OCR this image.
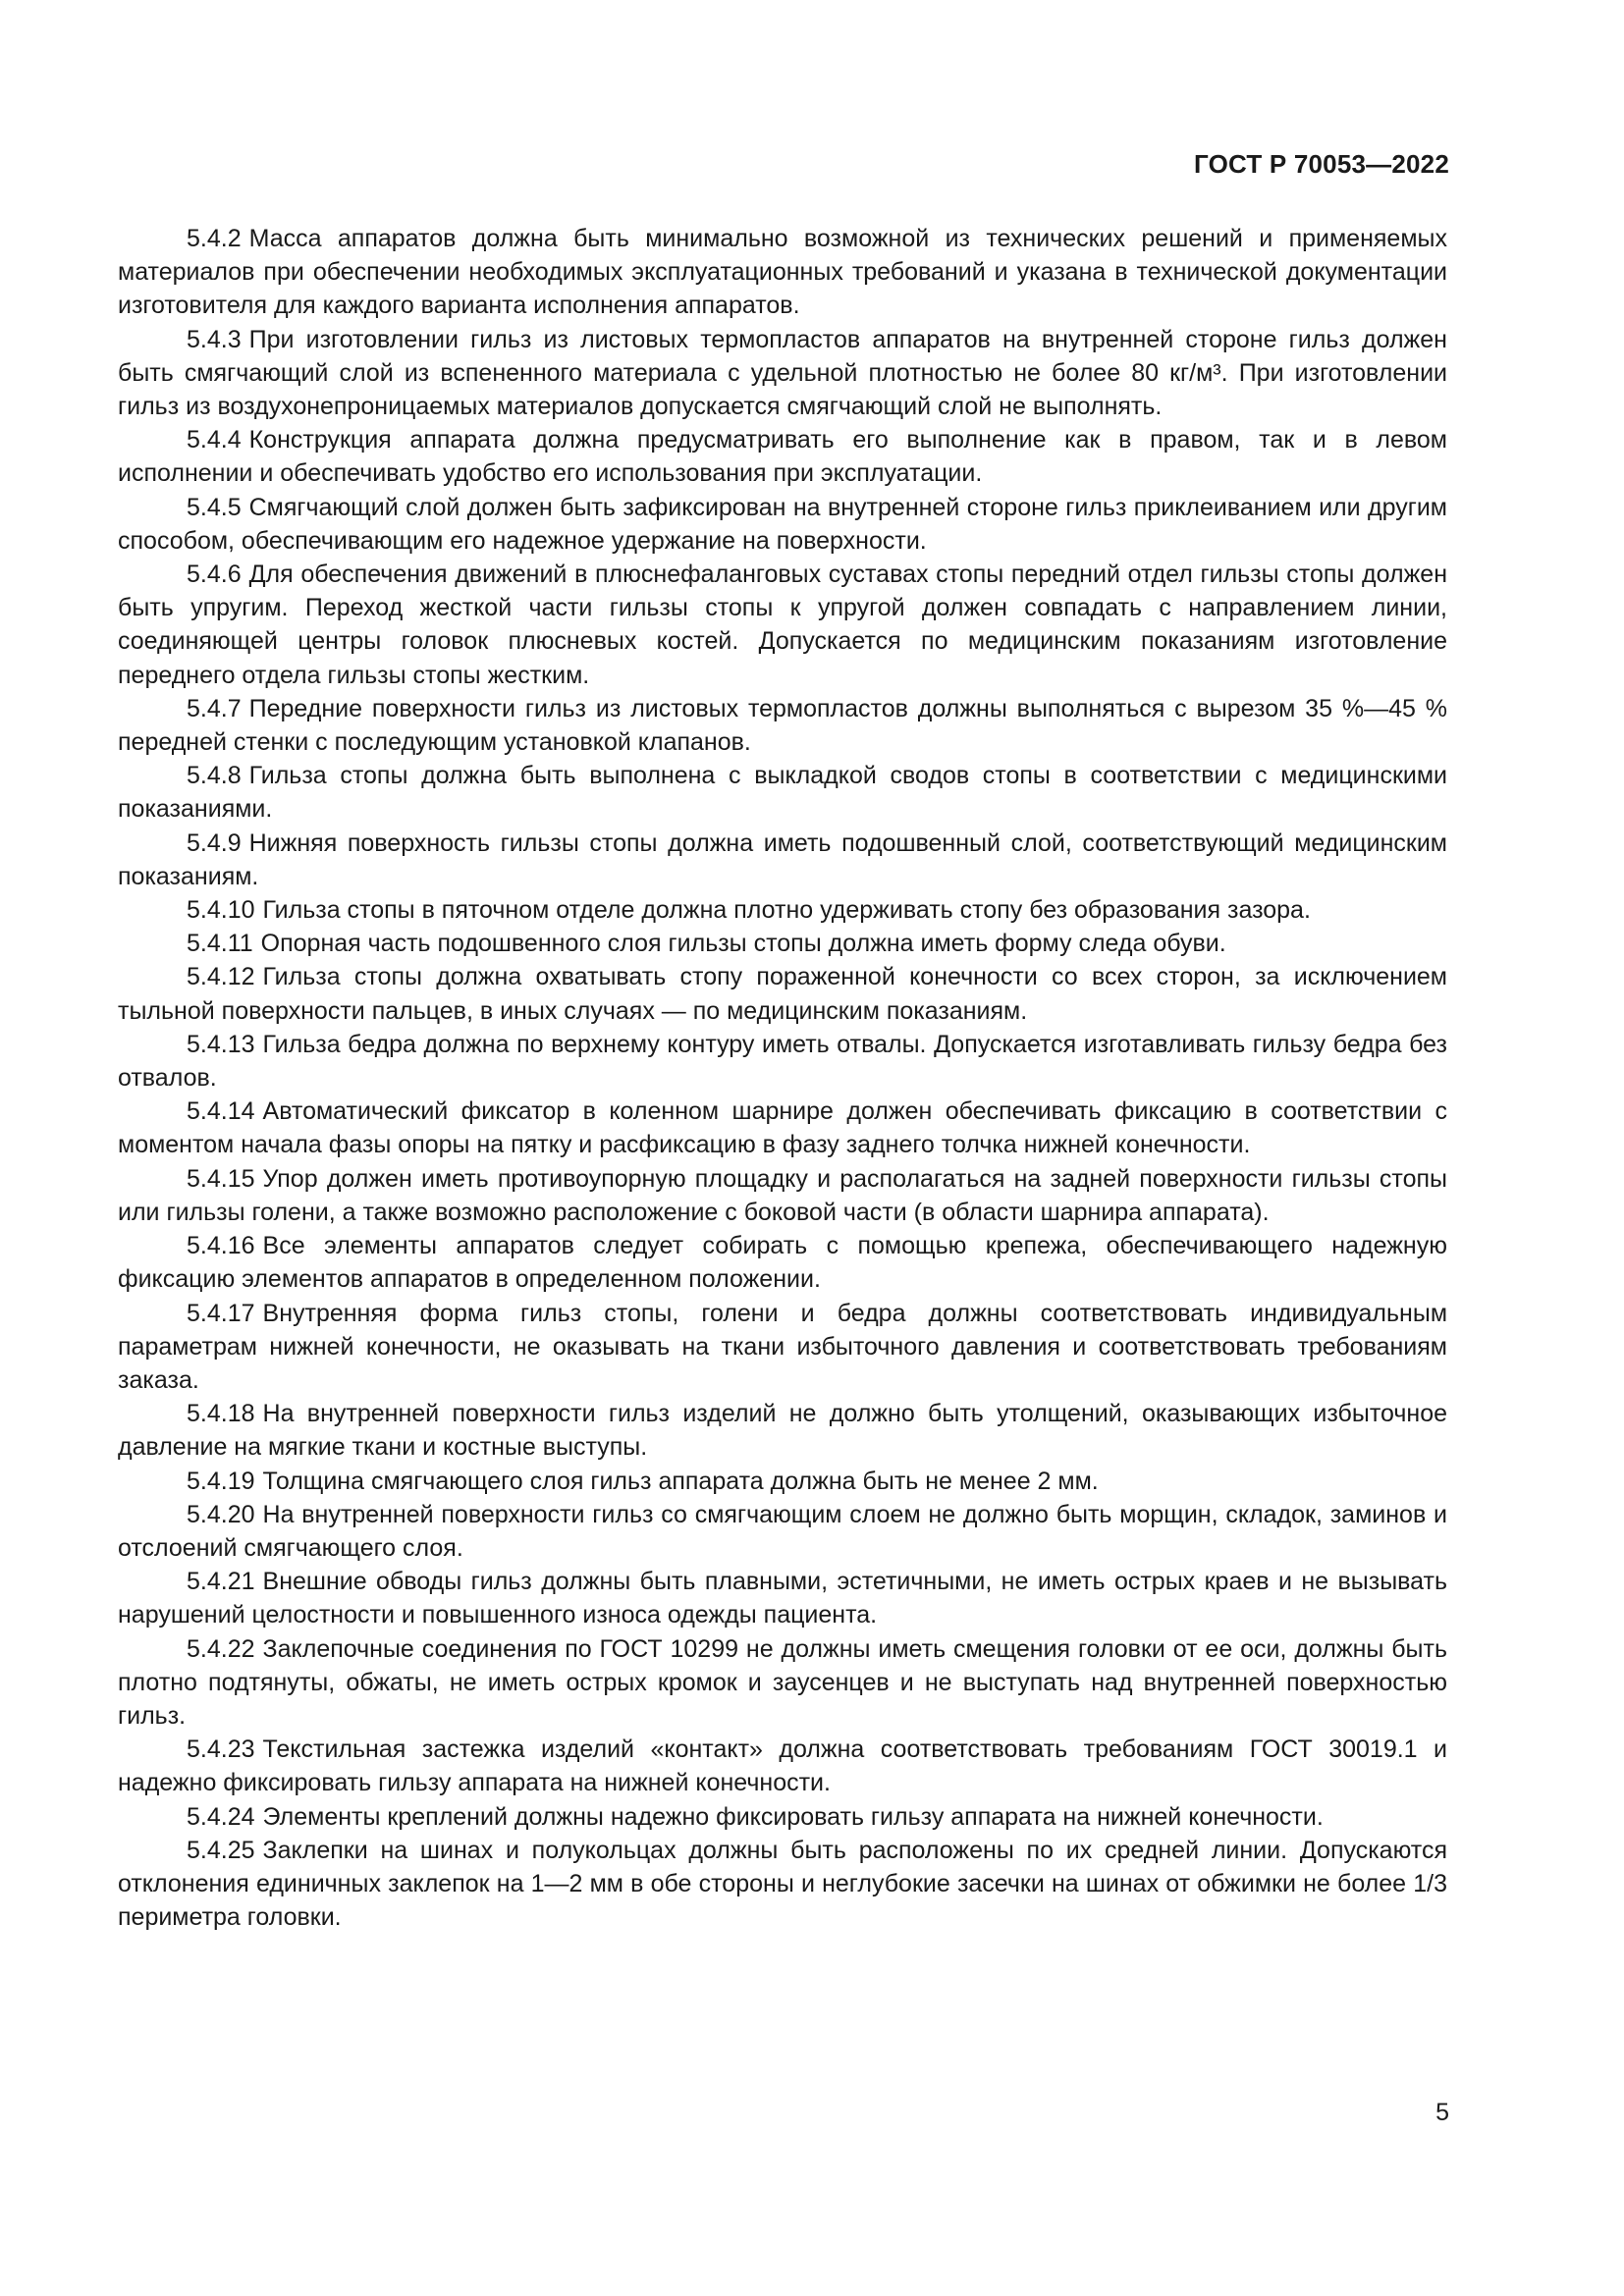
ГОСТ Р 70053—2022

5.4.2 Масса аппаратов должна быть минимально возможной из технических решений и применяемых материалов при обеспечении необходимых эксплуатационных требований и указана в технической документации изготовителя для каждого варианта исполнения аппаратов.

5.4.3 При изготовлении гильз из листовых термопластов аппаратов на внутренней стороне гильз должен быть смягчающий слой из вспененного материала с удельной плотностью не более 80 кг/м³. При изготовлении гильз из воздухонепроницаемых материалов допускается смягчающий слой не выполнять.

5.4.4 Конструкция аппарата должна предусматривать его выполнение как в правом, так и в левом исполнении и обеспечивать удобство его использования при эксплуатации.

5.4.5 Смягчающий слой должен быть зафиксирован на внутренней стороне гильз приклеиванием или другим способом, обеспечивающим его надежное удержание на поверхности.

5.4.6 Для обеспечения движений в плюснефаланговых суставах стопы передний отдел гильзы стопы должен быть упругим. Переход жесткой части гильзы стопы к упругой должен совпадать с направлением линии, соединяющей центры головок плюсневых костей. Допускается по медицинским показаниям изготовление переднего отдела гильзы стопы жестким.

5.4.7 Передние поверхности гильз из листовых термопластов должны выполняться с вырезом 35 %—45 % передней стенки с последующим установкой клапанов.

5.4.8 Гильза стопы должна быть выполнена с выкладкой сводов стопы в соответствии с медицинскими показаниями.

5.4.9 Нижняя поверхность гильзы стопы должна иметь подошвенный слой, соответствующий медицинским показаниям.

5.4.10 Гильза стопы в пяточном отделе должна плотно удерживать стопу без образования зазора.

5.4.11 Опорная часть подошвенного слоя гильзы стопы должна иметь форму следа обуви.

5.4.12 Гильза стопы должна охватывать стопу пораженной конечности со всех сторон, за исключением тыльной поверхности пальцев, в иных случаях — по медицинским показаниям.

5.4.13 Гильза бедра должна по верхнему контуру иметь отвалы. Допускается изготавливать гильзу бедра без отвалов.

5.4.14 Автоматический фиксатор в коленном шарнире должен обеспечивать фиксацию в соответствии с моментом начала фазы опоры на пятку и расфиксацию в фазу заднего толчка нижней конечности.

5.4.15 Упор должен иметь противоупорную площадку и располагаться на задней поверхности гильзы стопы или гильзы голени, а также возможно расположение с боковой части (в области шарнира аппарата).

5.4.16 Все элементы аппаратов следует собирать с помощью крепежа, обеспечивающего надежную фиксацию элементов аппаратов в определенном положении.

5.4.17 Внутренняя форма гильз стопы, голени и бедра должны соответствовать индивидуальным параметрам нижней конечности, не оказывать на ткани избыточного давления и соответствовать требованиям заказа.

5.4.18 На внутренней поверхности гильз изделий не должно быть утолщений, оказывающих избыточное давление на мягкие ткани и костные выступы.

5.4.19 Толщина смягчающего слоя гильз аппарата должна быть не менее 2 мм.

5.4.20 На внутренней поверхности гильз со смягчающим слоем не должно быть морщин, складок, заминов и отслоений смягчающего слоя.

5.4.21 Внешние обводы гильз должны быть плавными, эстетичными, не иметь острых краев и не вызывать нарушений целостности и повышенного износа одежды пациента.

5.4.22 Заклепочные соединения по ГОСТ 10299 не должны иметь смещения головки от ее оси, должны быть плотно подтянуты, обжаты, не иметь острых кромок и заусенцев и не выступать над внутренней поверхностью гильз.

5.4.23 Текстильная застежка изделий «контакт» должна соответствовать требованиям ГОСТ 30019.1 и надежно фиксировать гильзу аппарата на нижней конечности.

5.4.24 Элементы креплений должны надежно фиксировать гильзу аппарата на нижней конечности.

5.4.25 Заклепки на шинах и полукольцах должны быть расположены по их средней линии. Допускаются отклонения единичных заклепок на 1—2 мм в обе стороны и неглубокие засечки на шинах от обжимки не более 1/3 периметра головки.

5
